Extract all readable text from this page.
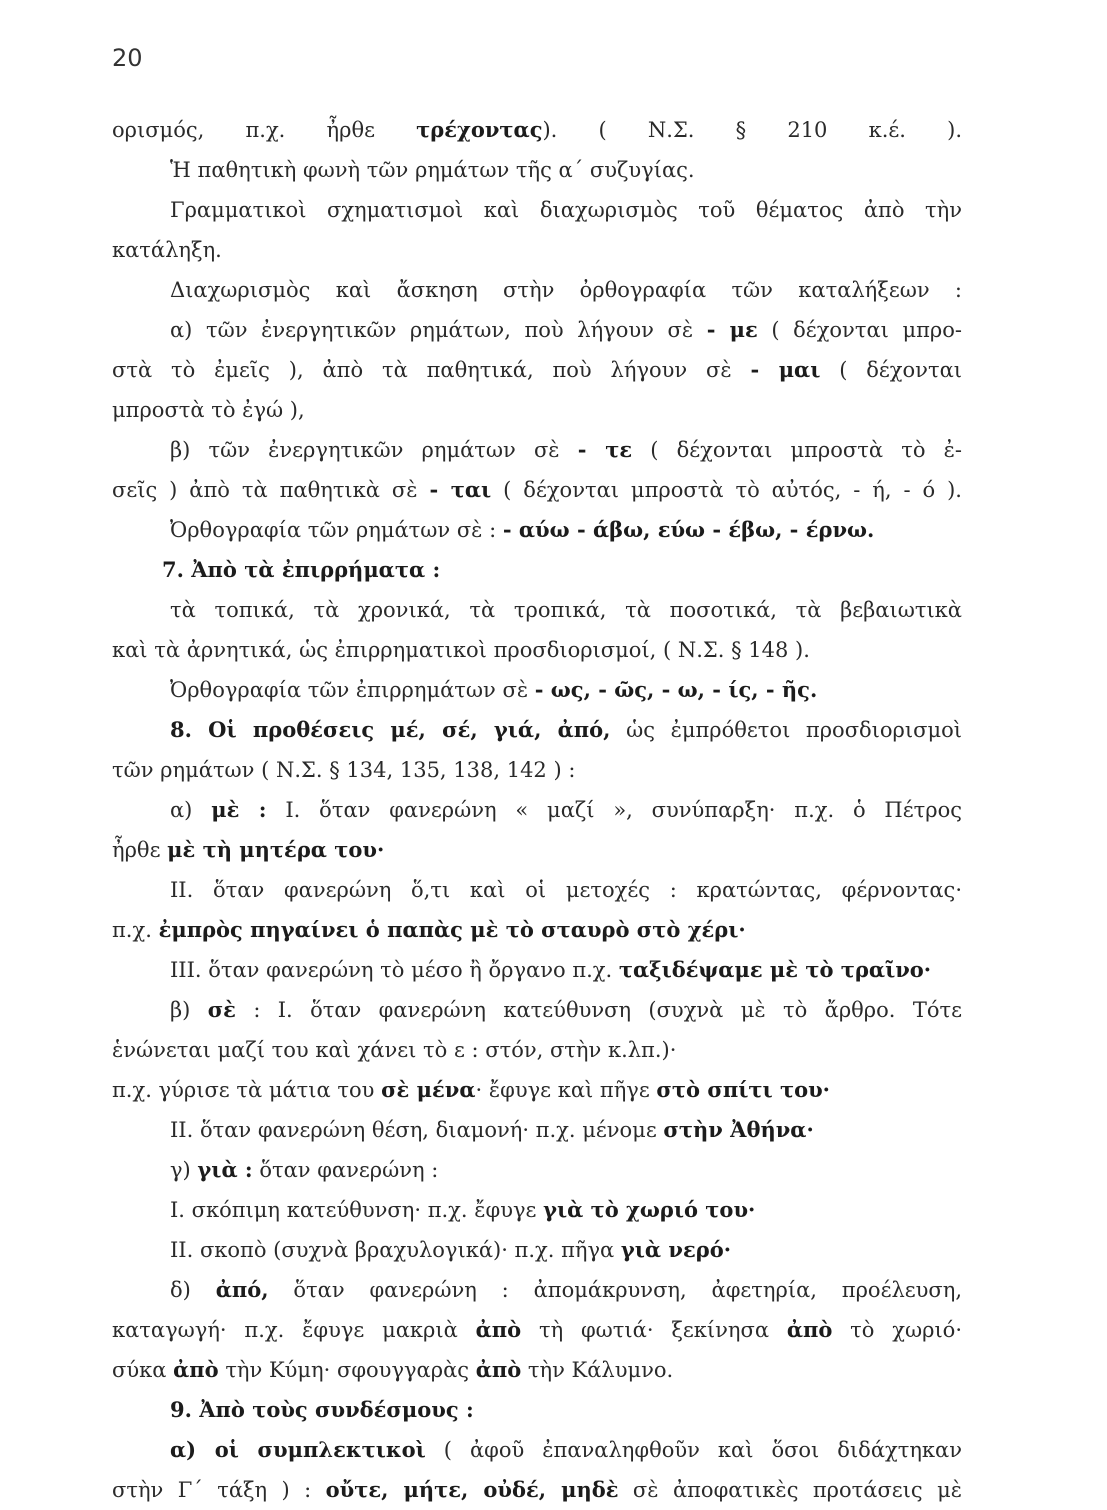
20
ορισμός, π.χ. ἦρθε τρέχοντας). ( Ν.Σ. § 210 κ.έ. ).
Ἡ παθητικὴ φωνὴ τῶν ρημάτων τῆς α΄ συζυγίας.
Γραμματικοὶ σχηματισμοὶ καὶ διαχωρισμὸς τοῦ θέματος ἀπὸ τὴν
κατάληξη.
Διαχωρισμὸς καὶ ἄσκηση στὴν ὀρθογραφία τῶν καταλήξεων :
α) τῶν ἐνεργητικῶν ρημάτων, ποὺ λήγουν σὲ - με ( δέχονται μπρο-
στὰ τὸ ἐμεῖς ), ἀπὸ τὰ παθητικά, ποὺ λήγουν σὲ - μαι ( δέχονται
μπροστὰ τὸ ἐγώ ),
β) τῶν ἐνεργητικῶν ρημάτων σὲ - τε ( δέχονται μπροστὰ τὸ ἐ-
σεῖς ) ἀπὸ τὰ παθητικὰ σὲ - ται ( δέχονται μπροστὰ τὸ αὐτός, - ή, - ό ).
Ὀρθογραφία τῶν ρημάτων σὲ : - αύω - άβω, εύω - έβω, - έρνω.
7. Ἀπὸ τὰ ἐπιρρήματα :
τὰ τοπικά, τὰ χρονικά, τὰ τροπικά, τὰ ποσοτικά, τὰ βεβαιωτικὰ
καὶ τὰ ἀρνητικά, ὡς ἐπιρρηματικοὶ προσδιορισμοί, ( Ν.Σ. § 148 ).
Ὀρθογραφία τῶν ἐπιρρημάτων σὲ - ως, - ῶς, - ω, - ίς, - ῆς.
8. Οἱ προθέσεις μέ, σέ, γιά, ἀπό, ὡς ἐμπρόθετοι προσδιορισμοὶ
τῶν ρημάτων ( Ν.Σ. § 134, 135, 138, 142 ) :
α) μὲ : I. ὅταν φανερώνη « μαζί », συνύπαρξη· π.χ. ὁ Πέτρος
ἦρθε μὲ τὴ μητέρα του·
II. ὅταν φανερώνη ὅ,τι καὶ οἱ μετοχές : κρατώντας, φέρνοντας·
π.χ. ἐμπρὸς πηγαίνει ὁ παπὰς μὲ τὸ σταυρὸ στὸ χέρι·
III. ὅταν φανερώνη τὸ μέσο ἢ ὄργανο π.χ. ταξιδέψαμε μὲ τὸ τραῖνο·
β) σὲ : I. ὅταν φανερώνη κατεύθυνση (συχνὰ μὲ τὸ ἄρθρο. Τότε
ἑνώνεται μαζί του καὶ χάνει τὸ ε : στόν, στὴν κ.λπ.)·
π.χ. γύρισε τὰ μάτια του σὲ μένα· ἔφυγε καὶ πῆγε στὸ σπίτι του·
II. ὅταν φανερώνη θέση, διαμονή· π.χ. μένομε στὴν Ἀθήνα·
γ) γιὰ : ὅταν φανερώνη :
I. σκόπιμη κατεύθυνση· π.χ. ἔφυγε γιὰ τὸ χωριό του·
II. σκοπὸ (συχνὰ βραχυλογικά)· π.χ. πῆγα γιὰ νερό·
δ) ἀπό, ὅταν φανερώνη : ἀπομάκρυνση, ἀφετηρία, προέλευση,
καταγωγή· π.χ. ἔφυγε μακριὰ ἀπὸ τὴ φωτιά· ξεκίνησα ἀπὸ τὸ χωριό·
σύκα ἀπὸ τὴν Κύμη· σφουγγαρὰς ἀπὸ τὴν Κάλυμνο.
9. Ἀπὸ τοὺς συνδέσμους :
α) οἱ συμπλεκτικοὶ ( ἀφοῦ ἐπαναληφθοῦν καὶ ὅσοι διδάχτηκαν
στὴν Γ΄ τάξη ) : οὔτε, μήτε, οὐδέ, μηδὲ σὲ ἀποφατικὲς προτάσεις μὲ
